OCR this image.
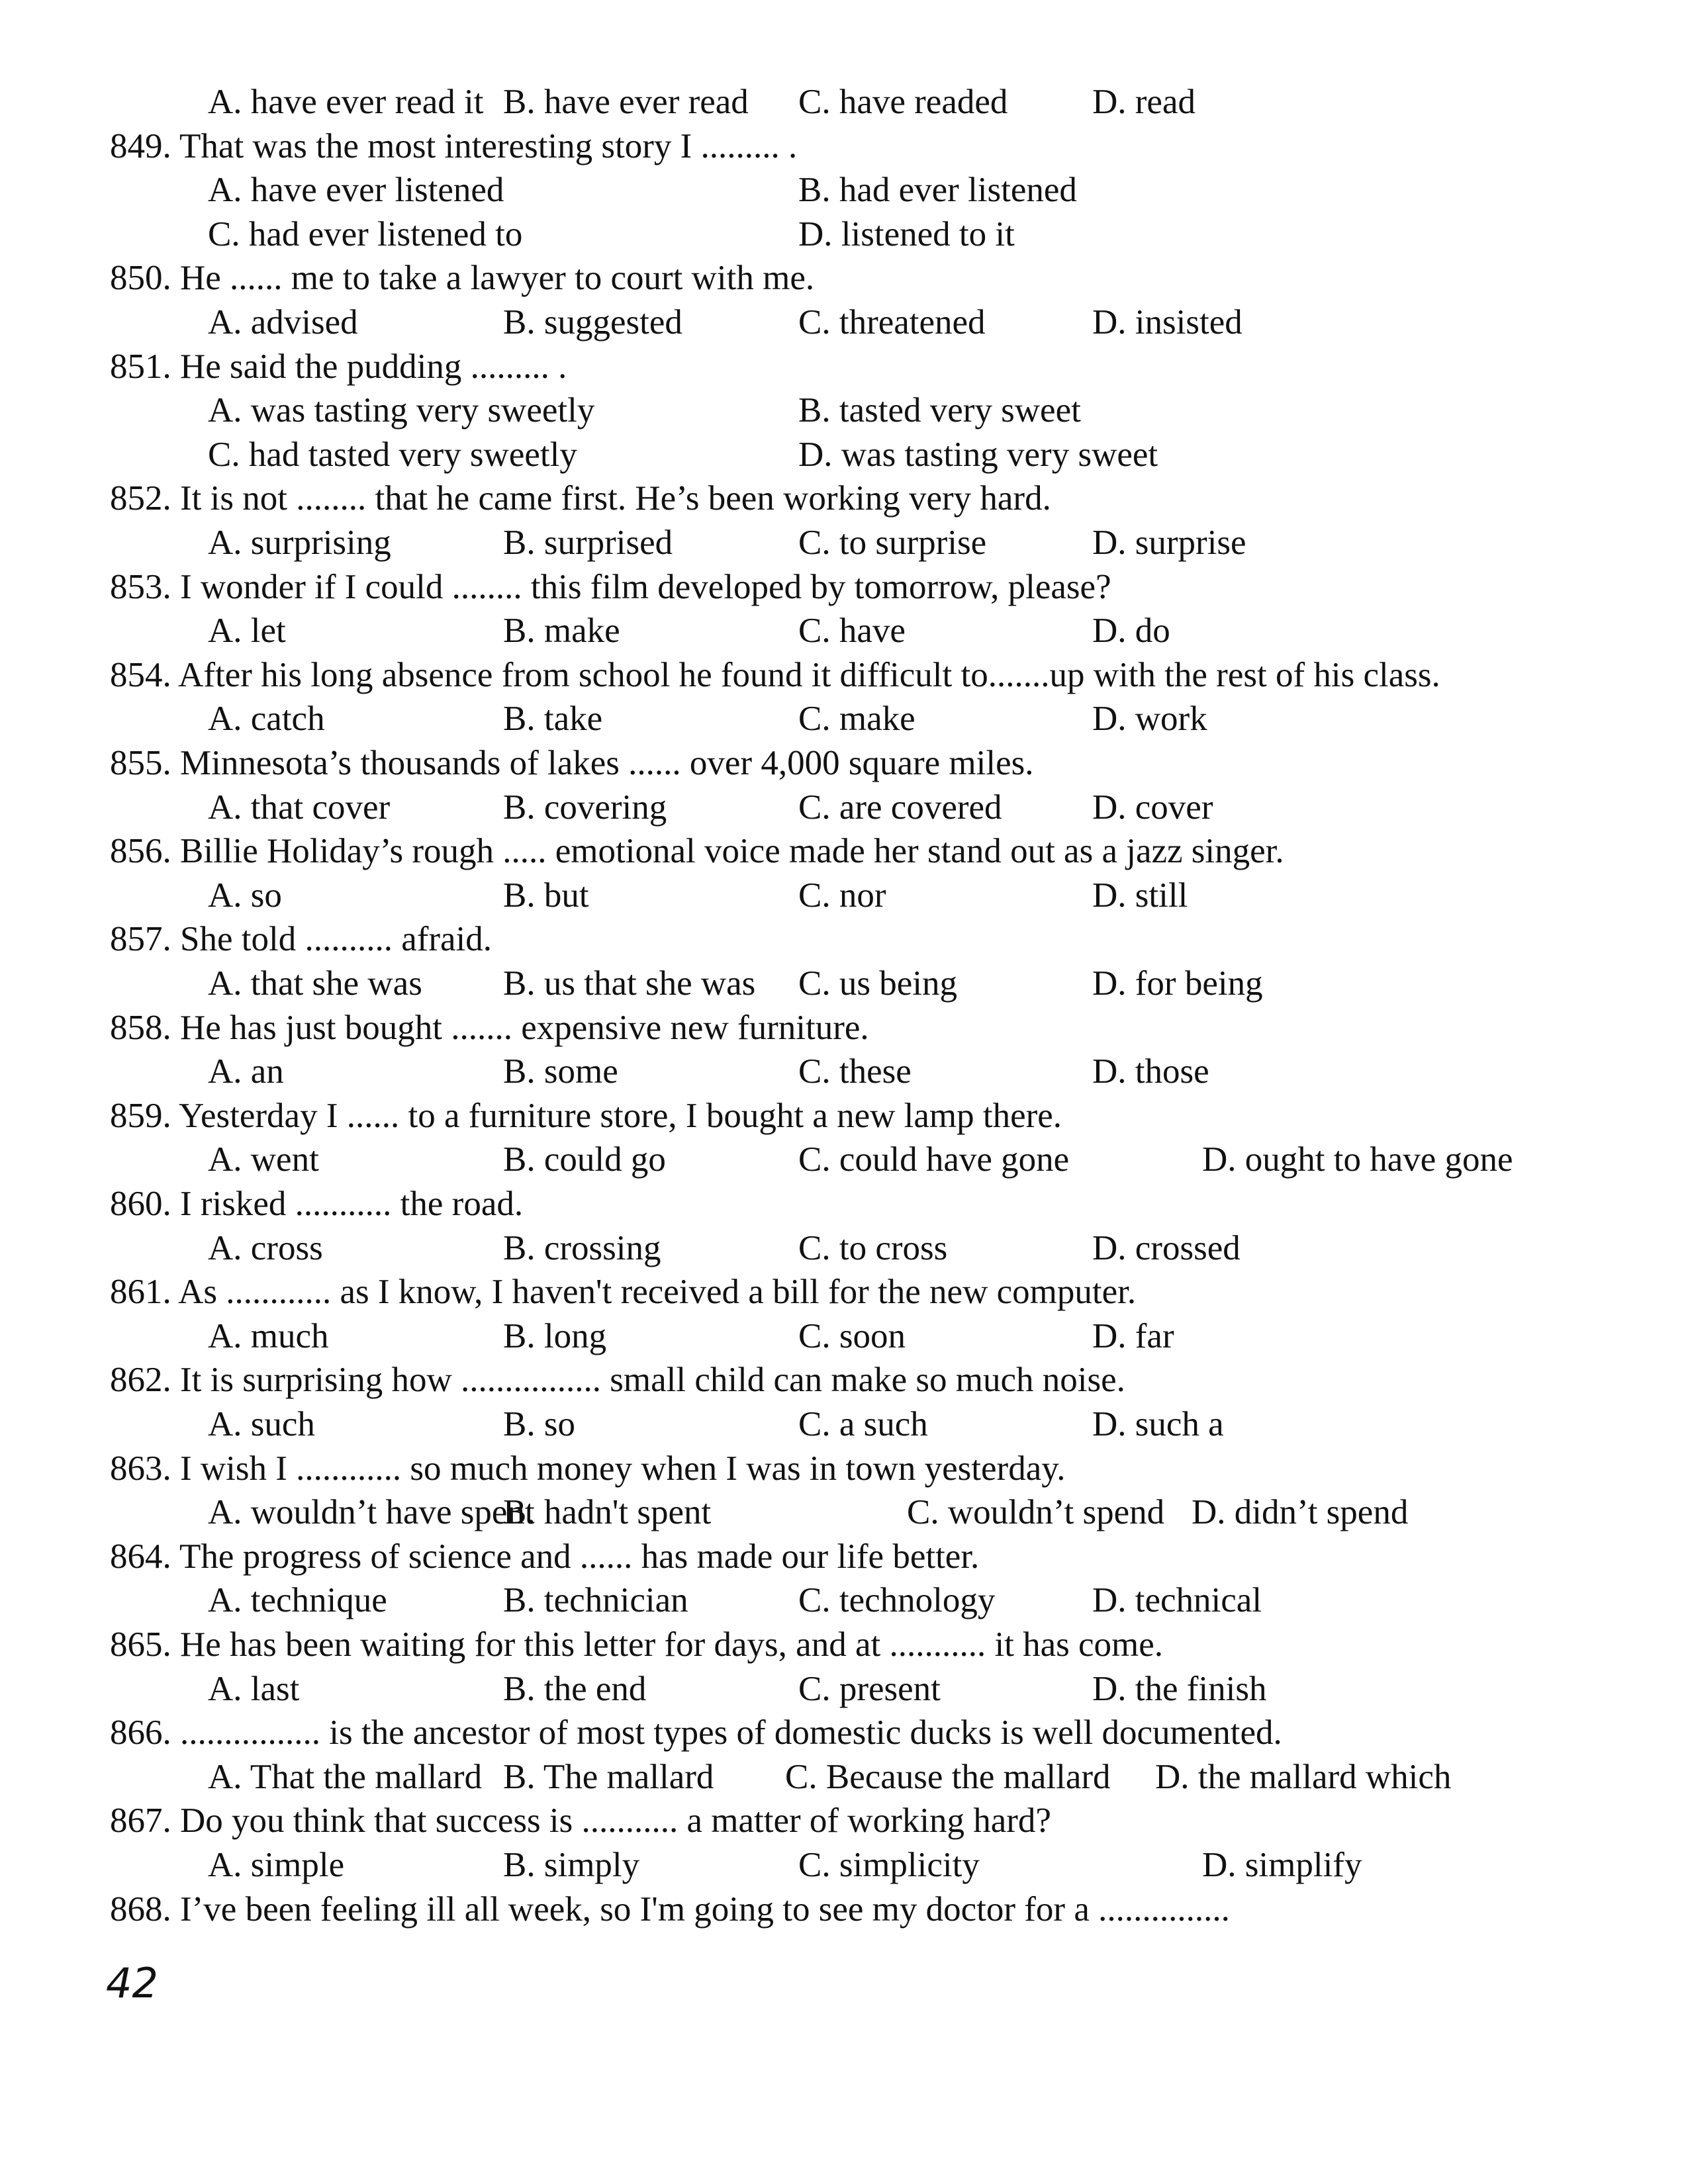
A. have ever read it B. have ever read C. have readed D. read
849. That was the most interesting story I ......... .
A. have ever listened	B. had ever listened
C. had ever listened to	D. listened to it
850. He ...... me to take a lawyer to court with me.
A. advised	B. suggested	C. threatened	D. insisted
851. He said the pudding ......... .
A. was tasting very sweetly	B. tasted very sweet
C. had tasted very sweetly	D. was tasting very sweet
852. It is not ........ that he came first. He’s been working very hard.
A. surprising	B. surprised	C. to surprise	D. surprise
853. I wonder if I could ........ this film developed by tomorrow, please?
A. let	B. make	C. have	D. do
854. After his long absence from school he found it difficult to.......up with the rest of his class.
A. catch	B. take	C. make	D. work
855. Minnesota’s thousands of lakes ...... over 4,000 square miles.
A. that cover	B. covering	C. are covered	D. cover
856. Billie Holiday’s rough ..... emotional voice made her stand out as a jazz singer.
A. so	B. but	C. nor	D. still
857. She told .......... afraid.
A. that she was B. us that she was C. us being	D. for being
858. He has just bought ....... expensive new furniture.
A. an	B. some	C. these	D. those
859. Yesterday I ...... to a furniture store, I bought a new lamp there.
A. went	B. could go	C. could have gone	D. ought to have gone
860. I risked ........... the road.
A. cross	B. crossing	C. to cross	D. crossed
861. As ............ as I know, I haven't received a bill for the new computer.
A. much	B. long	C. soon	D. far
862. It is surprising how ................ small child can make so much noise.
A. such	B. so	C. a such	D. such a
863. I wish I ............ so much money when I was in town yesterday.
A. wouldn’t have spent
B. hadn't spent	C. wouldn’t spend D. didn’t spend
864. The progress of science and ...... has made our life better.
A. technique	B. technician	C. technology	D. technical
865. He has been waiting for this letter for days, and at ........... it has come.
A. last	B. the end	C. present	D. the finish
866. ................ is the ancestor of most types of domestic ducks is well documented.
A. That the mallard B. The mallard C. Because the mallard D. the mallard which
867. Do you think that success is ........... a matter of working hard?
A. simple	B. simply	C. simplicity	D. simplify
868. I’ve been feeling ill all week, so I'm going to see my doctor for a ...............
42
